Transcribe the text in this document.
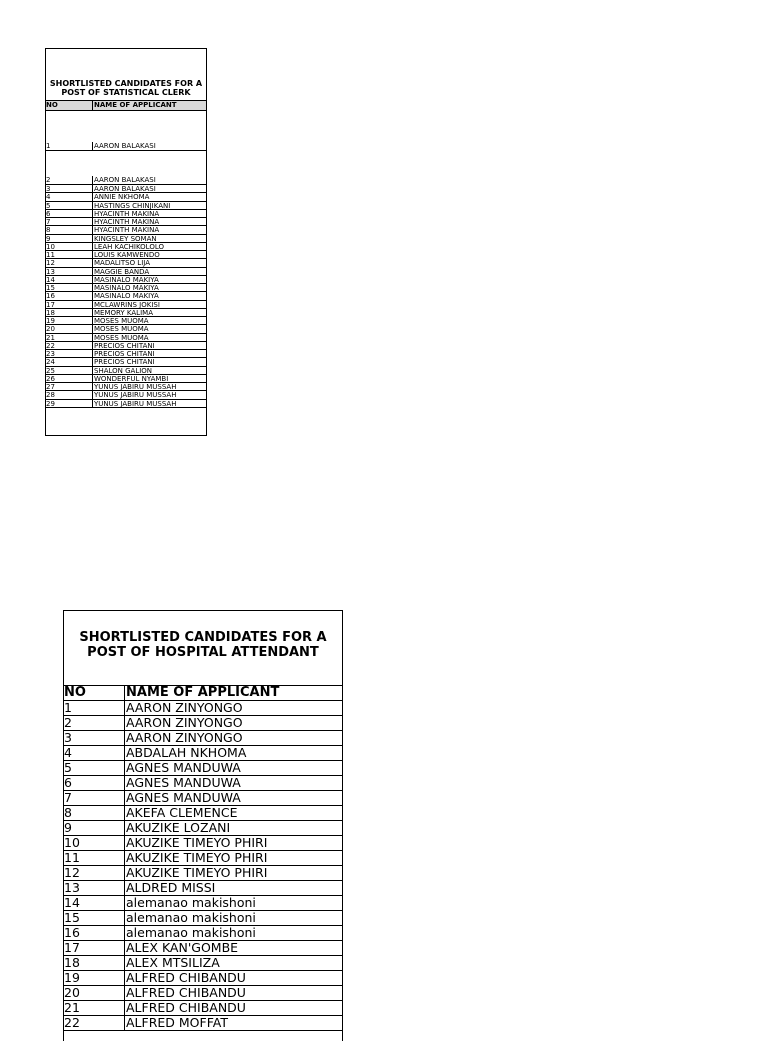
SHORTLISTED CANDIDATES FOR A POST OF STATISTICAL CLERK
NO	NAME OF APPLICANT
1	AARON BALAKASI
2	AARON BALAKASI
3	AARON BALAKASI
4	ANNIE NKHOMA
5	HASTINGS CHINJIKANI
6	HYACINTH MAKINA
7	HYACINTH MAKINA
8	HYACINTH MAKINA
9	KINGSLEY SOMAN
10	LEAH KACHIKOLOLO
11	LOUIS KAMWENDO
12	MADALITSO LIJA
13	MAGGIE BANDA
14	MASINALO MAKIYA
15	MASINALO MAKIYA
16	MASINALO MAKIYA
17	MCLAWRINS JOKISI
18	MEMORY KALIMA
19	MOSES MUOMA
20	MOSES MUOMA
21	MOSES MUOMA
22	PRECIOS CHITANI
23	PRECIOS CHITANI
24	PRECIOS CHITANI
25	SHALON GALION
26	WONDERFUL NYAMBI
27	YUNUS JABIRU MUSSAH
28	YUNUS JABIRU MUSSAH
29	YUNUS JABIRU MUSSAH
SHORTLISTED CANDIDATES FOR A POST OF HOSPITAL ATTENDANT
NO	NAME OF APPLICANT
1	AARON ZINYONGO
2	AARON ZINYONGO
3	AARON ZINYONGO
4	ABDALAH NKHOMA
5	AGNES MANDUWA
6	AGNES MANDUWA
7	AGNES MANDUWA
8	AKEFA CLEMENCE
9	AKUZIKE LOZANI
10	AKUZIKE TIMEYO PHIRI
11	AKUZIKE TIMEYO PHIRI
12	AKUZIKE TIMEYO PHIRI
13	ALDRED MISSI
14	alemanao makishoni
15	alemanao makishoni
16	alemanao makishoni
17	ALEX KAN'GOMBE
18	ALEX MTSILIZA
19	ALFRED CHIBANDU
20	ALFRED CHIBANDU
21	ALFRED CHIBANDU
22	ALFRED MOFFAT
